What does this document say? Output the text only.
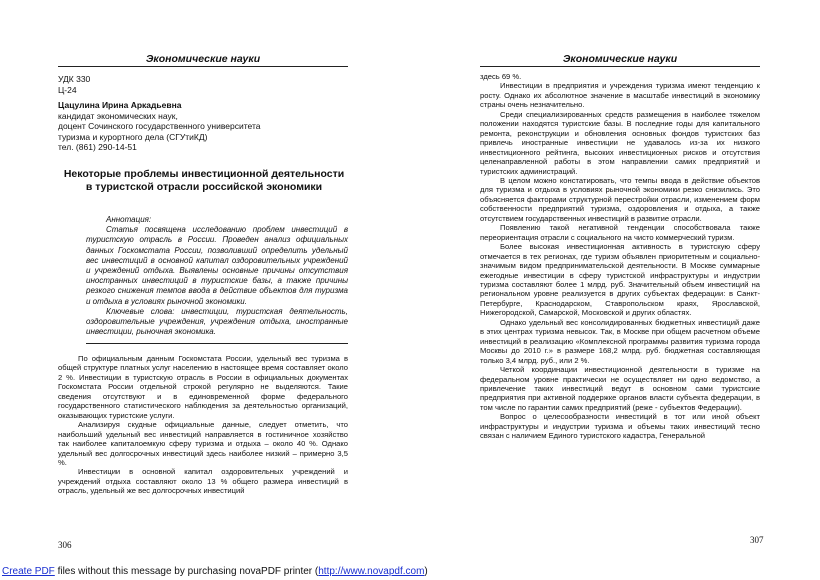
Экономические науки
УДК 330
Ц-24
Цацулина Ирина Аркадьевна
кандидат экономических наук,
доцент Сочинского государственного университета
туризма и курортного дела (СГУтиКД)
тел. (861) 290-14-51
Некоторые проблемы инвестиционной деятельности в туристской отрасли российской экономики

Аннотация:

Статья посвящена исследованию проблем инвестиций в туристскую отрасль в России. Проведен анализ официальных данных Госкомстата России, позволивший определить удельный вес инвестиций в основной капитал оздоровительных учреждений и учреждений отдыха. Выявлены основные причины отсутствия иностранных инвестиций в туристские базы, а также причины резкого снижения темпов ввода в действие объектов для туризма и отдыха в условиях рыночной экономики.

Ключевые слова: инвестиции, туристская деятельность, оздоровительные учреждения, учреждения отдыха, иностранные инвестиции, рыночная экономика.

По официальным данным Госкомстата России, удельный вес туризма в общей структуре платных услуг населению в настоящее время составляет около 2 %. Инвестиции в туристскую отрасль в России в официальных документах Госкомстата России отдельной строкой регулярно не выделяются. Такие сведения отсутствуют и в единовременной форме федерального государственного статистического наблюдения за деятельностью организаций, оказывающих туристские услуги.

Анализируя скудные официальные данные, следует отметить, что наибольший удельный вес инвестиций направляется в гостиничное хозяйство так наиболее капиталоемкую сферу туризма и отдыха – около 40 %. Однако удельный вес долгосрочных инвестиций здесь наиболее низкий – примерно 3,5 %.

Инвестиции в основной капитал оздоровительных учреждений и учреждений отдыха составляют около 13 % общего размера инвестиций в отрасль, удельный же вес долгосрочных инвестиций

306
Экономические науки

здесь 69 %.

Инвестиции в предприятия и учреждения туризма имеют тенденцию к росту. Однако их абсолютное значение в масштабе инвестиций в экономику страны очень незначительно.

Среди специализированных средств размещения в наиболее тяжелом положении находятся туристские базы. В последние годы для капитального ремонта, реконструкции и обновления основных фондов туристских баз привлечь иностранные инвестиции не удавалось из-за их низкого инвестиционного рейтинга, высоких инвестиционных рисков и отсутствия целенаправленной работы в этом направлении самих предприятий и туристских администраций.

В целом можно констатировать, что темпы ввода в действие объектов для туризма и отдыха в условиях рыночной экономики резко снизились. Это объясняется факторами структурной перестройки отрасли, изменением форм собственности предприятий туризма, оздоровления и отдыха, а также отсутствием государственных инвестиций в развитие отрасли.

Появлению такой негативной тенденции способствовала также переориентация отрасли с социального на чисто коммерческий туризм.

Более высокая инвестиционная активность в туристскую сферу отмечается в тех регионах, где туризм объявлен приоритетным и социально-значимым видом предпринимательской деятельности. В Москве суммарные ежегодные инвестиции в сферу туристской инфраструктуры и индустрии туризма составляют более 1 млрд. руб. Значительный объем инвестиций на региональном уровне реализуется в других субъектах федерации: в Санкт-Петербурге, Краснодарском, Ставропольском краях, Ярославской, Нижегородской, Самарской, Московской и других областях.

Однако удельный вес консолидированных бюджетных инвестиций даже в этих центрах туризма невысок. Так, в Москве при общем расчетном объеме инвестиций в реализацию «Комплексной программы развития туризма города Москвы до 2010 г.» в размере 168,2 млрд. руб. бюджетная составляющая только 3,4 млрд. руб., или 2 %.

Четкой координации инвестиционной деятельности в туризме на федеральном уровне практически не осуществляет ни одно ведомство, а привлечение таких инвестиций ведут в основном сами туристские предприятия при активной поддержке органов власти субъекта федерации, в том числе по гарантии самих предприятий (реже - субъектов Федерации).

Вопрос о целесообразности инвестиций в тот или иной объект инфраструктуры и индустрии туризма и объемы таких инвестиций тесно связан с наличием Единого туристского кадастра, Генеральной

307
Create PDF files without this message by purchasing novaPDF printer (http://www.novapdf.com)
